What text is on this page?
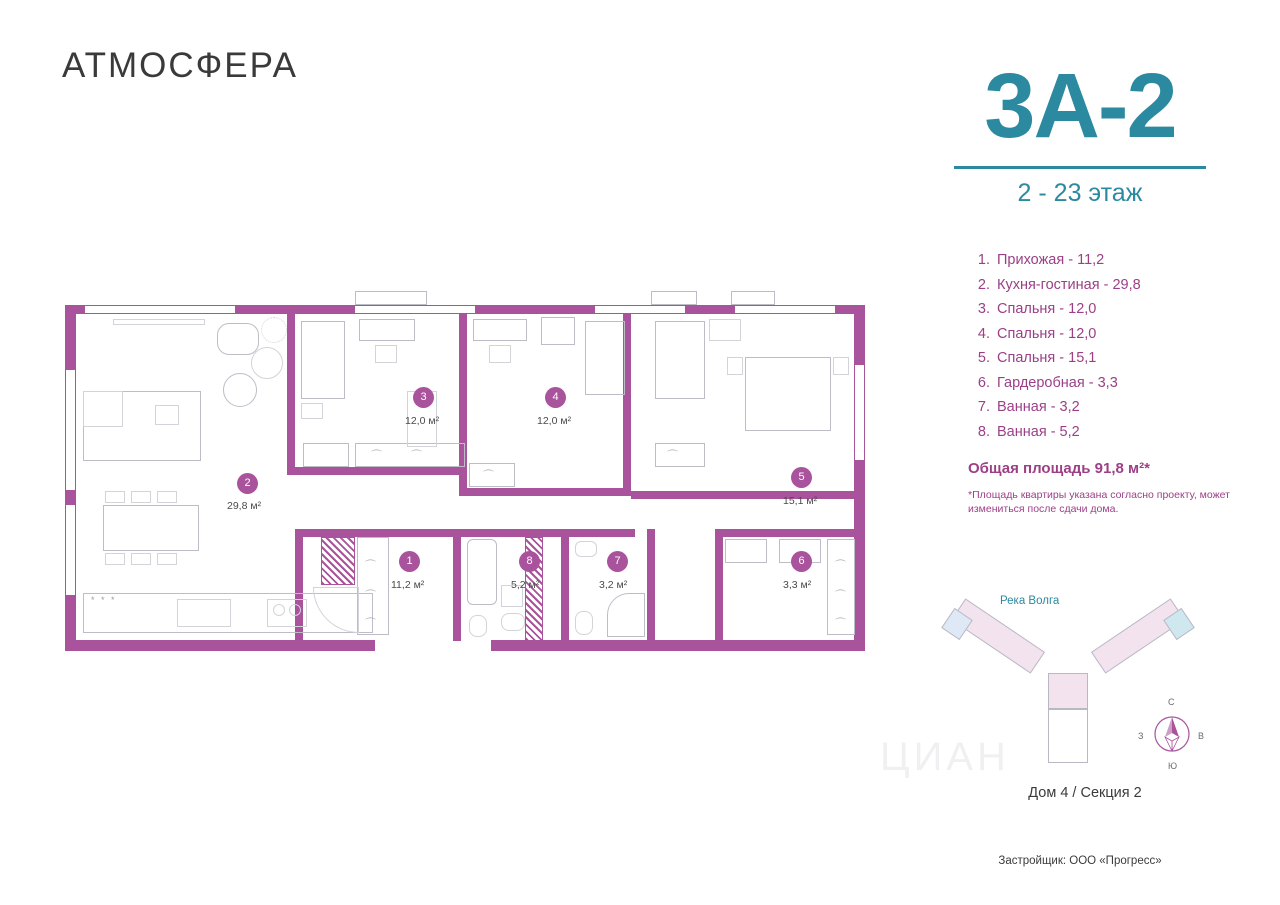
АТМОСФЕРА	3А-2
2 - 23 этаж
1. Прихожая - 11,2
2. Кухня-гостиная - 29,8
3. Спальня - 12,0
4. Спальня - 12,0
5. Спальня - 15,1
6. Гардеробная - 3,3
7. Ванная - 3,2
8. Ванная - 5,2
Общая площадь 91,8 м²*
*Площадь квартиры указана согласно проекту, может измениться после сдачи дома.
Река Волга
С
Ю
З	В
Дом 4 / Секция 2
Застройщик: ООО «Прогресс»
ЦИАН
* * *
⌒	⌒
⌒
⌒
⌒
⌒
⌒
⌒
⌒
⌒
2
29,8 м²
3
12,0 м²
4
12,0 м²
5
15,1 м²
1
11,2 м²
8
5,2 м²
7
3,2 м²
6
3,3 м²
